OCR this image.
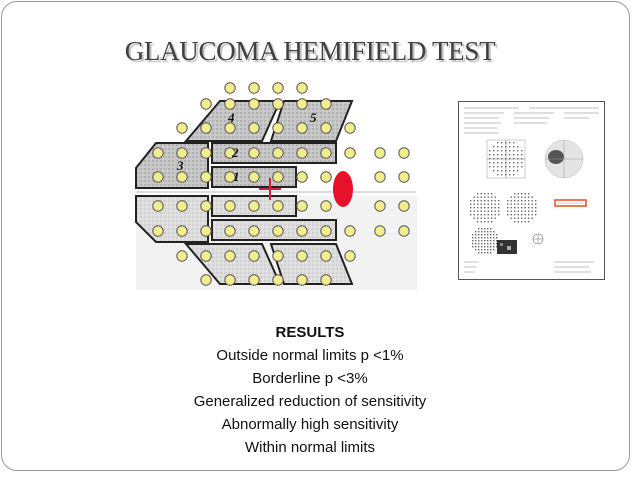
GLAUCOMA HEMIFIELD TEST
4	5
3
2
1
RESULTS
Outside normal limits p <1%
Borderline p <3%
Generalized reduction of sensitivity
Abnormally high sensitivity
Within normal limits
